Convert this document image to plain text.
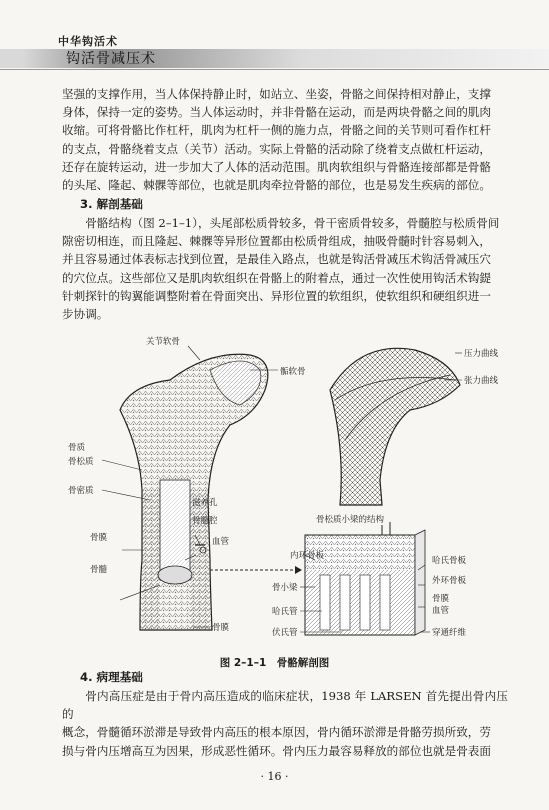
中华钩活术
钩活骨减压术

坚强的支撑作用，当人体保持静止时，如站立、坐姿，骨骼之间保持相对静止，支撑

身体，保持一定的姿势。当人体运动时，并非骨骼在运动，而是两块骨骼之间的肌肉

收缩。可将骨骼比作杠杆，肌肉为杠杆一侧的施力点，骨骼之间的关节则可看作杠杆

的支点，骨骼绕着支点（关节）活动。实际上骨骼的活动除了绕着支点做杠杆运动，

还存在旋转运动，进一步加大了人体的活动范围。肌肉软组织与骨骼连接部都是骨骼

的头尾、隆起、棘髁等部位，也就是肌肉牵拉骨骼的部位，也是易发生疾病的部位。

3. 解剖基础

骨骼结构（图 2–1–1），头尾部松质骨较多，骨干密质骨较多，骨髓腔与松质骨间

隙密切相连，而且隆起、棘髁等异形位置都由松质骨组成，抽吸骨髓时针容易刺入，

并且容易通过体表标志找到位置，是最佳入路点，也就是钩活骨减压术钩活骨减压穴

的穴位点。这些部位又是肌肉软组织在骨骼上的附着点，通过一次性使用钩活术钩鍉

针刺探针的钩翼能调整附着在骨面突出、异形位置的软组织，使软组织和硬组织进一

步协调。

关节软骨
骺软骨
压力曲线
张力曲线
骨质
骨松质
骨密质
骨松质小梁的结构
滋养孔
骨髓腔
血管
骨膜
骨髓
骨膜
内环骨板	哈氏骨板
外环骨板
骨小梁
骨膜
血管
哈氏管
伏氏管	穿通纤维
图 2–1–1　骨骼解剖图
4. 病理基础

骨内高压症是由于骨内高压造成的临床症状，1938 年 LARSEN 首先提出骨内压的

概念，骨髓循环淤滞是导致骨内高压的根本原因，骨内循环淤滞是骨骼劳损所致，劳

损与骨内压增高互为因果，形成恶性循环。骨内压力最容易释放的部位也就是骨表面

· 16 ·
